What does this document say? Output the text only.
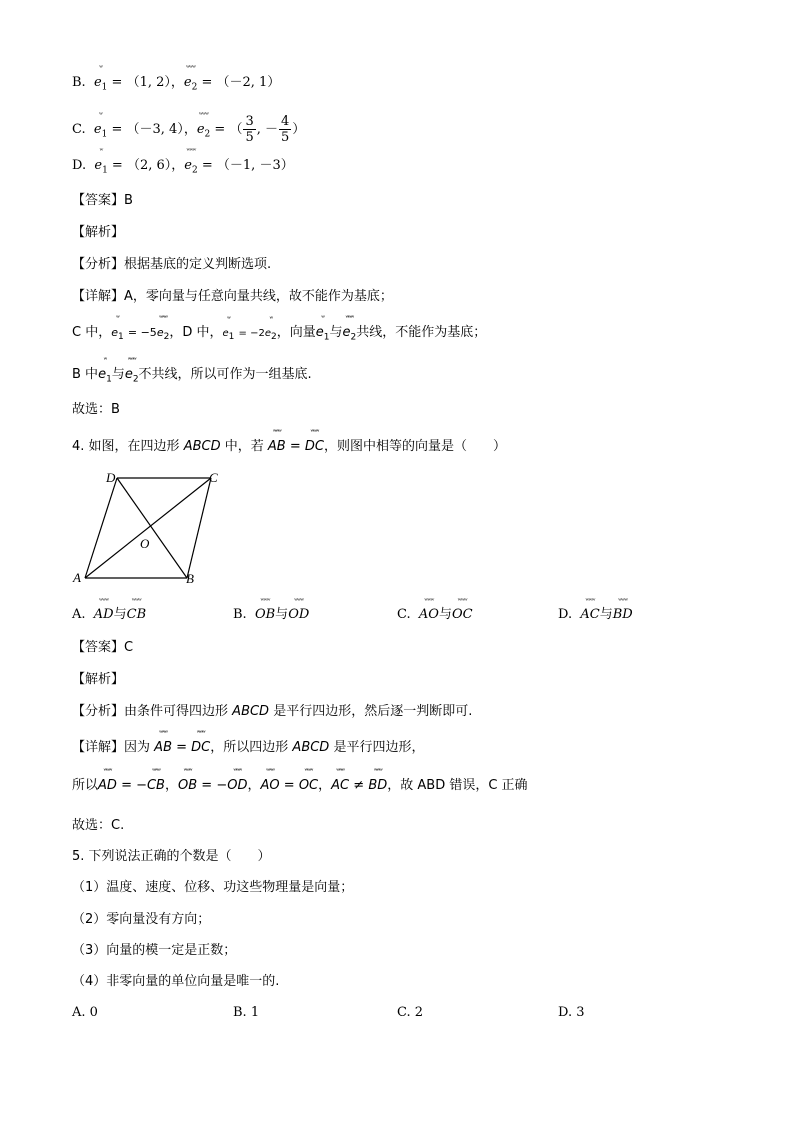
B. ʷ $e_1 = (1$, 2），ʷʷʷ $e_2 = (-2$, 1）
C. ʷ $e_1 = (-3$, 4），ʷʷʷ $e_2$ = （ $\frac{3}{5}$ , － $\frac{4}{5}$ ）
D. ʷ $e_1 = (2$, 6），ʷʷʷ $e_2 = (-1$, －3）
【答案】B
【解析】
【分析】根据基底的定义判断选项.
【详解】A，零向量与任意向量共线，故不能作为基底；
C 中，ʷ $e_1$ = −5ʷʷʷ $e_2$，D 中，ʷ $e_1$ = −2ʷ $e_2$，向量ʷ $e_1$与ʷʷʷ $e_2$共线，不能作为基底；
B 中ʷ $e_1$与ʷʷʷ $e_2$不共线，所以可作为一组基底.
故选：B
4. 如图，在四边形 ABCD 中，若 ʷʷʷ AB = ʷʷʷ DC，则图中相等的向量是（　　）
D	C
O
A	B
A. ʷʷʷ AD与ʷʷʷ CB	B. ʷʷʷ OB与ʷʷʷ OD	C. ʷʷʷ AO与ʷʷʷ OC	D. ʷʷʷ AC与ʷʷʷ BD
【答案】C
【解析】
【分析】由条件可得四边形 ABCD 是平行四边形，然后逐一判断即可.
【详解】因为 ʷʷʷ AB = ʷʷʷ DC，所以四边形 ABCD 是平行四边形，
所以ʷʷʷ AD = −ʷʷʷ CB，ʷʷʷ OB = −ʷʷʷ OD，ʷʷʷ AO = ʷʷʷ OC，ʷʷʷ AC ≠ ʷʷʷ BD，故 ABD 错误，C 正确
故选：C.
5. 下列说法正确的个数是（　　）
（1）温度、速度、位移、功这些物理量是向量；
（2）零向量没有方向；
（3）向量的模一定是正数；
（4）非零向量的单位向量是唯一的.
A. 0	B. 1	C. 2	D. 3
